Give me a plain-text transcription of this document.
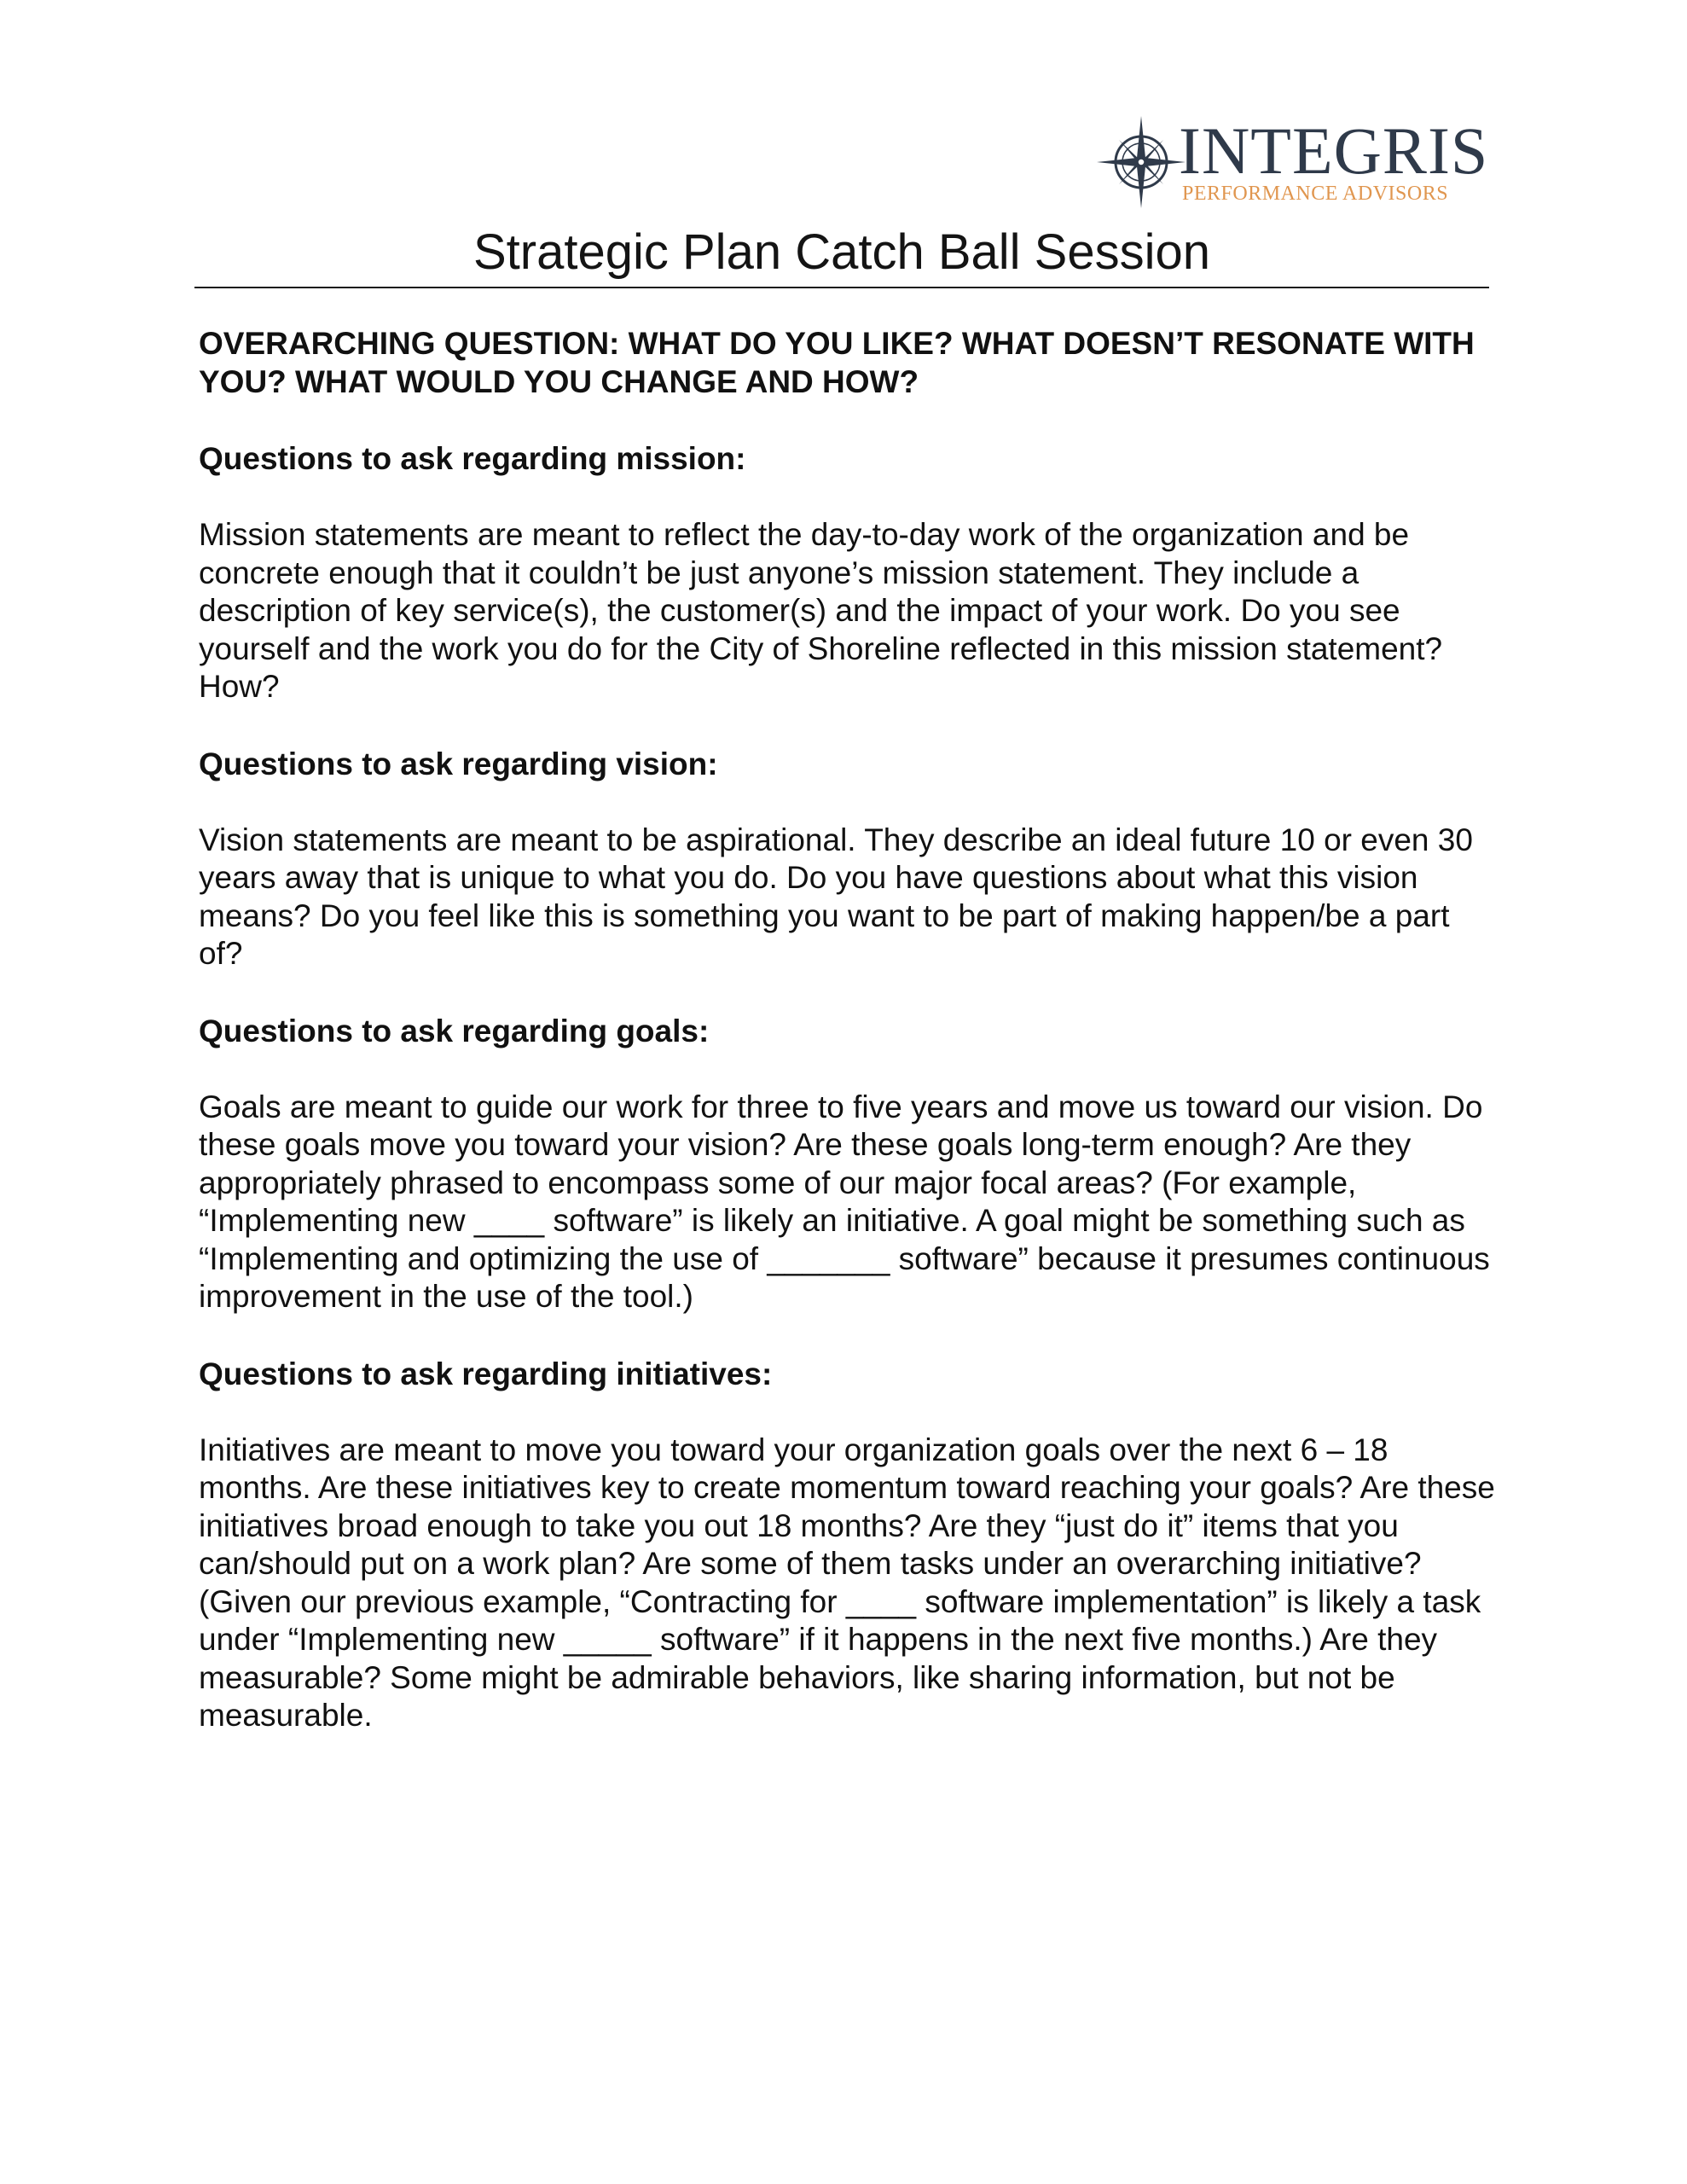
INTEGRIS
PERFORMANCE ADVISORS
Strategic Plan Catch Ball Session

OVERARCHING QUESTION: WHAT DO YOU LIKE? WHAT DOESN’T RESONATE WITH YOU? WHAT WOULD YOU CHANGE AND HOW?

Questions to ask regarding mission:

Mission statements are meant to reflect the day-to-day work of the organization and be concrete enough that it couldn’t be just anyone’s mission statement. They include a description of key service(s), the customer(s) and the impact of your work. Do you see yourself and the work you do for the City of Shoreline reflected in this mission statement? How?

Questions to ask regarding vision:

Vision statements are meant to be aspirational. They describe an ideal future 10 or even 30 years away that is unique to what you do. Do you have questions about what this vision means? Do you feel like this is something you want to be part of making happen/be a part of?

Questions to ask regarding goals:

Goals are meant to guide our work for three to five years and move us toward our vision. Do these goals move you toward your vision? Are these goals long-term enough? Are they appropriately phrased to encompass some of our major focal areas? (For example, “Implementing new ____ software” is likely an initiative. A goal might be something such as “Implementing and optimizing the use of _______ software” because it presumes continuous improvement in the use of the tool.)

Questions to ask regarding initiatives:

Initiatives are meant to move you toward your organization goals over the next 6 – 18 months. Are these initiatives key to create momentum toward reaching your goals? Are these initiatives broad enough to take you out 18 months? Are they “just do it” items that you can/should put on a work plan? Are some of them tasks under an overarching initiative? (Given our previous example, “Contracting for ____ software implementation” is likely a task under “Implementing new _____ software” if it happens in the next five months.) Are they measurable? Some might be admirable behaviors, like sharing information, but not be measurable.
